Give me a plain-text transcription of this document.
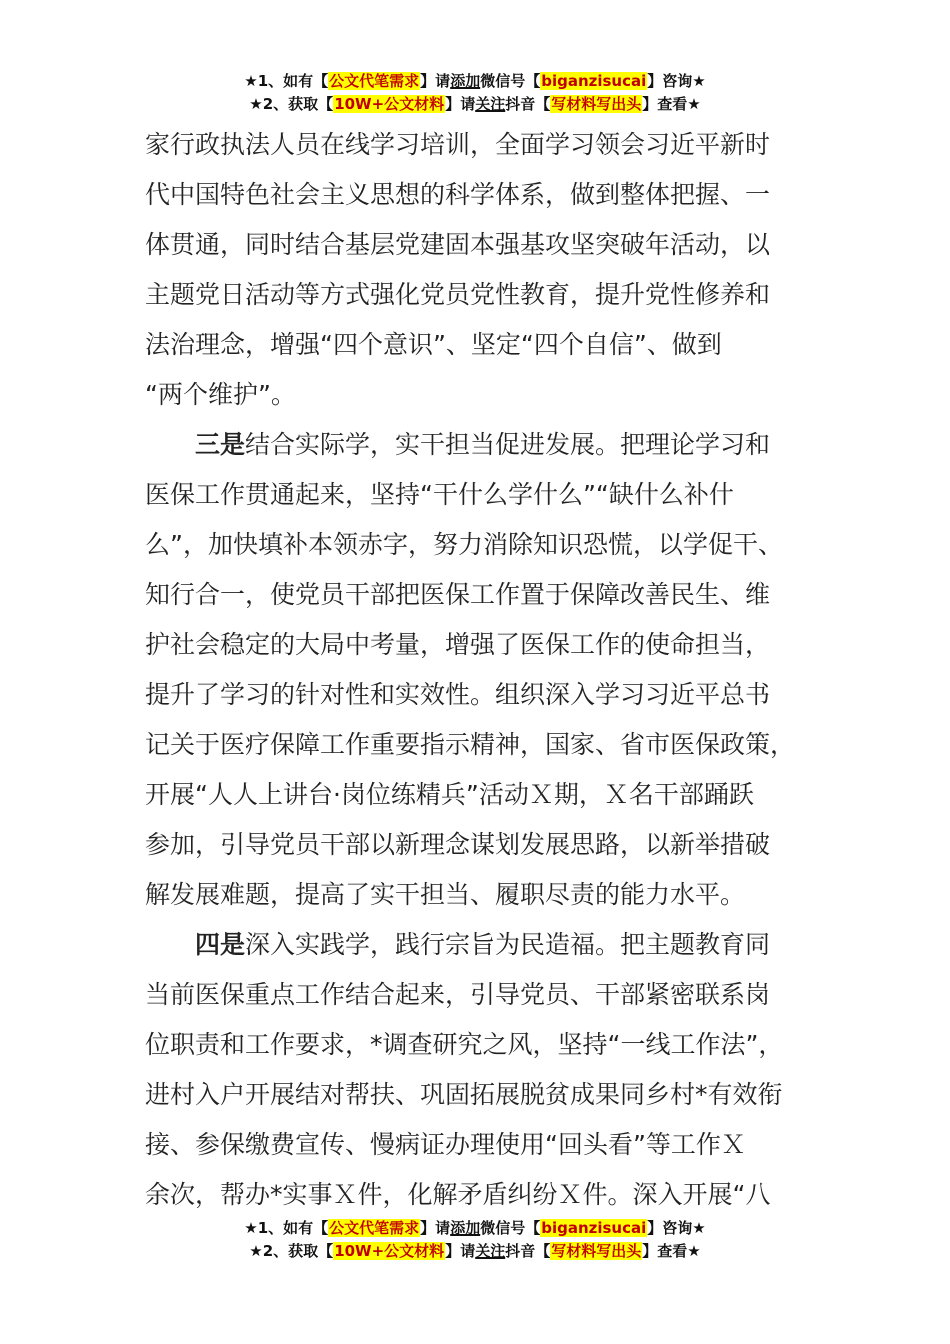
★1、如有【公文代笔需求】请添加微信号【biganzisucai】咨询★
★2、获取【10W+公文材料】请关注抖音【写材料写出头】查看★
家行政执法人员在线学习培训，全面学习领会习近平新时
代中国特色社会主义思想的科学体系，做到整体把握、一
体贯通，同时结合基层党建固本强基攻坚突破年活动，以
主题党日活动等方式强化党员党性教育，提升党性修养和
法治理念，增强“四个意识”、坚定“四个自信”、做到
“两个维护”。
三是结合实际学，实干担当促进发展。把理论学习和
医保工作贯通起来，坚持“干什么学什么”“缺什么补什
么”，加快填补本领赤字，努力消除知识恐慌，以学促干、
知行合一，使党员干部把医保工作置于保障改善民生、维
护社会稳定的大局中考量，增强了医保工作的使命担当，
提升了学习的针对性和实效性。组织深入学习习近平总书
记关于医疗保障工作重要指示精神，国家、省市医保政策，
开展“人人上讲台·岗位练精兵”活动Ｘ期，Ｘ名干部踊跃
参加，引导党员干部以新理念谋划发展思路，以新举措破
解发展难题，提高了实干担当、履职尽责的能力水平。
四是深入实践学，践行宗旨为民造福。把主题教育同
当前医保重点工作结合起来，引导党员、干部紧密联系岗
位职责和工作要求，*调查研究之风，坚持“一线工作法”，
进村入户开展结对帮扶、巩固拓展脱贫成果同乡村*有效衔
接、参保缴费宣传、慢病证办理使用“回头看”等工作Ｘ
余次，帮办*实事Ｘ件，化解矛盾纠纷Ｘ件。深入开展“八
★1、如有【公文代笔需求】请添加微信号【biganzisucai】咨询★
★2、获取【10W+公文材料】请关注抖音【写材料写出头】查看★
